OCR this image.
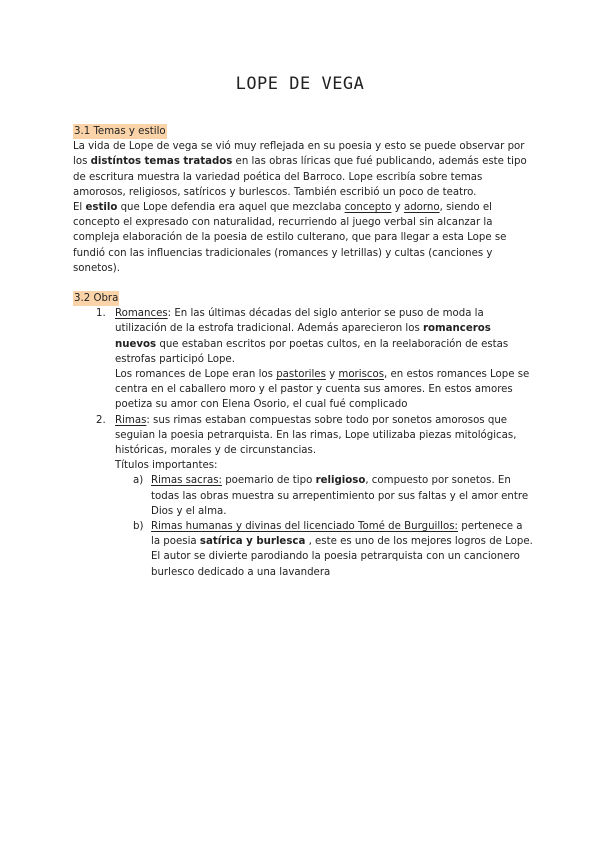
LOPE DE VEGA
3.1 Temas y estilo

La vida de Lope de vega se vió muy reflejada en su poesia y esto se puede observar por los distíntos temas tratados en las obras líricas que fué publicando, además este tipo de escritura muestra la variedad poética del Barroco. Lope escribía sobre temas amorosos, religiosos, satíricos y burlescos. También escribió un poco de teatro.

El estilo que Lope defendia era aquel que mezclaba concepto y adorno, siendo el concepto el expresado con naturalidad, recurriendo al juego verbal sin alcanzar la compleja elaboración de la poesia de estilo culterano, que para llegar a esta Lope se fundió con las influencias tradicionales (romances y letrillas) y cultas (canciones y sonetos).

3.2 Obra

1. Romances: En las últimas décadas del siglo anterior se puso de moda la utilización de la estrofa tradicional. Además aparecieron los romanceros nuevos que estaban escritos por poetas cultos, en la reelaboración de estas estrofas participó Lope.

Los romances de Lope eran los pastoriles y moriscos, en estos romances Lope se centra en el caballero moro y el pastor y cuenta sus amores. En estos amores poetiza su amor con Elena Osorio, el cual fué complicado

2. Rimas: sus rimas estaban compuestas sobre todo por sonetos amorosos que seguian la poesia petrarquista. En las rimas, Lope utilizaba piezas mitológicas, históricas, morales y de circunstancias.

Títulos importantes:

a) Rimas sacras: poemario de tipo religioso, compuesto por sonetos. En todas las obras muestra su arrepentimiento por sus faltas y el amor entre Dios y el alma.

b) Rimas humanas y divinas del licenciado Tomé de Burguillos: pertenece a la poesia satírica y burlesca , este es uno de los mejores logros de Lope. El autor se divierte parodiando la poesia petrarquista con un cancionero burlesco dedicado a una lavandera
